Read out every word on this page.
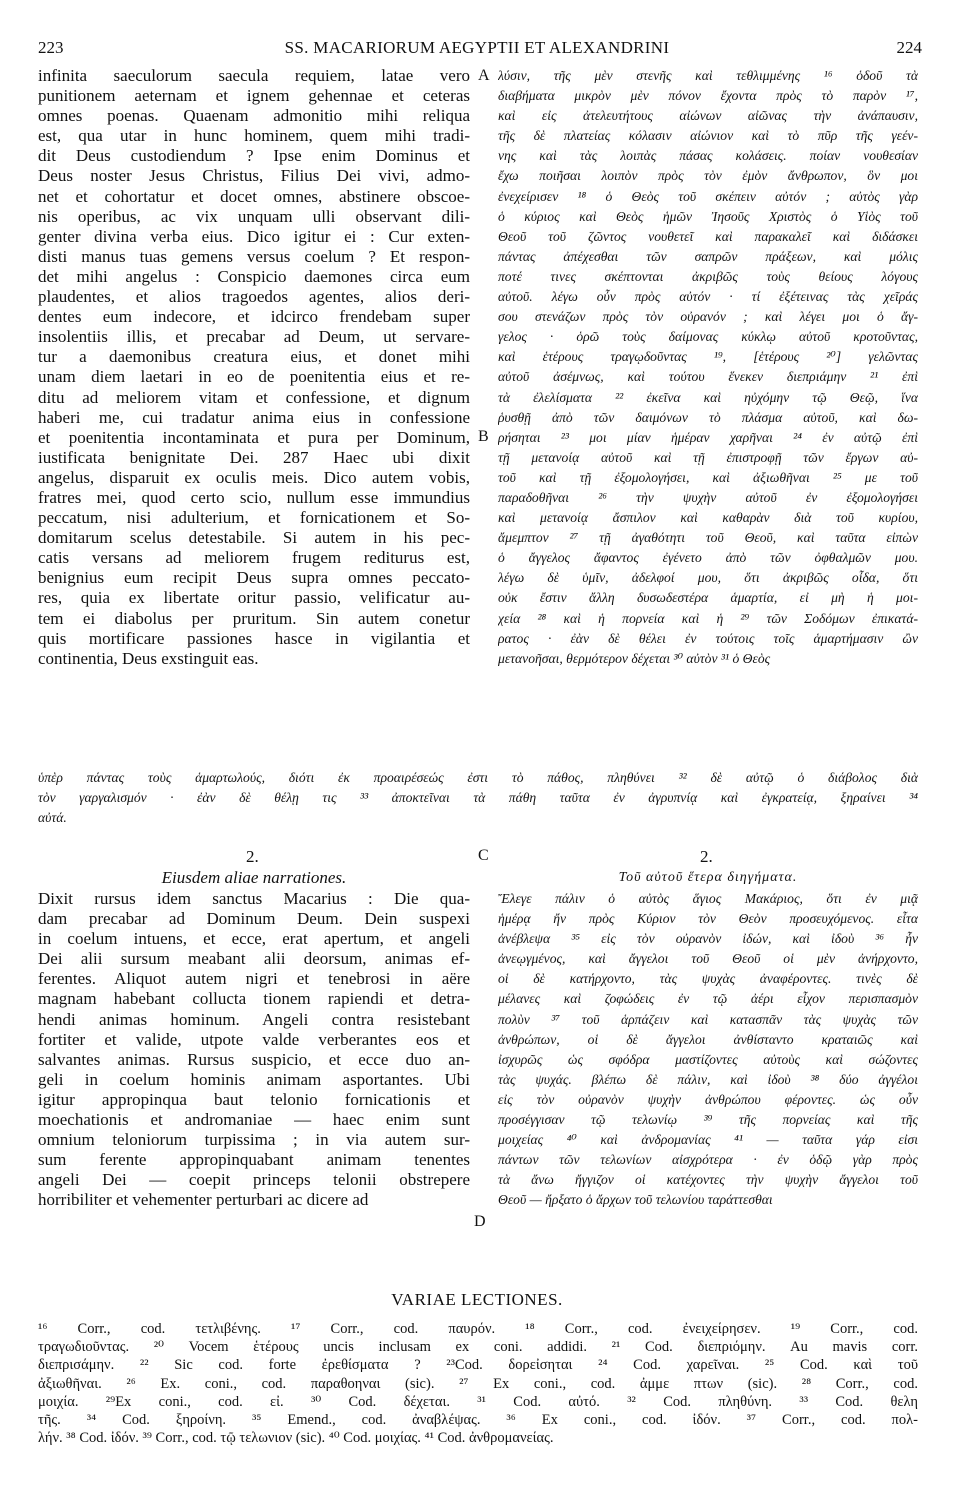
223	SS. MACARIORUM AEGYPTII ET ALEXANDRINI	224
infinita saeculorum saecula requiem, latae vero
punitionem aeternam et ignem gehennae et ceteras
omnes poenas. Quaenam admonitio mihi reliqua
est, qua utar in hunc hominem, quem mihi tradi-
dit Deus custodiendum ? Ipse enim Dominus et
Deus noster Jesus Christus, Filius Dei vivi, admo-
net et cohortatur et docet omnes, abstinere obscoe-
nis operibus, ac vix unquam ulli observant dili-
genter divina verba eius. Dico igitur ei : Cur exten-
disti manus tuas gemens versus coelum ? Et respon-
det mihi angelus : Conspicio daemones circa eum
plaudentes, et alios tragoedos agentes, alios deri-
dentes eum indecore, et idcirco frendebam super
insolentiis illis, et precabar ad Deum, ut servare-
tur a daemonibus creatura eius, et donet mihi
unam diem laetari in eo de poenitentia eius et re-
ditu ad meliorem vitam et confessione, et dignum
haberi me, cui tradatur anima eius in confessione
et poenitentia incontaminata et pura per Dominum,
iustificata benignitate Dei. 287 Haec ubi dixit
angelus, disparuit ex oculis meis. Dico autem vobis,
fratres mei, quod certo scio, nullum esse immundius
peccatum, nisi adulterium, et fornicationem et So-
domitarum scelus detestabile. Si autem in his pec-
catis versans ad meliorem frugem rediturus est,
benignius eum recipit Deus supra omnes peccato-
res, quia ex libertate oritur passio, velificatur au-
tem ei diabolus per pruritum. Sin autem conetur
quis mortificare passiones hasce in vigilantia et
continentia, Deus exstinguit eas.
λύσιν, τῆς μὲν στενῆς καὶ τεθλιμμένης ¹⁶ ὁδοῦ τὰ
διαβήματα μικρὸν μὲν πόνον ἔχοντα πρὸς τὸ παρὸν ¹⁷,
καὶ εἰς ἀτελευτήτους αἰώνων αἰῶνας τὴν ἀνάπαυσιν,
τῆς δὲ πλατείας κόλασιν αἰώνιον καὶ τὸ πῦρ τῆς γεέν-
νης καὶ τὰς λοιπὰς πάσας κολάσεις. ποίαν νουθεσίαν
ἔχω ποιῆσαι λοιπὸν πρὸς τὸν ἐμὸν ἄνθρωπον, ὃν μοι
ἐνεχείρισεν ¹⁸ ὁ Θεὸς τοῦ σκέπειν αὐτόν ; αὐτὸς γὰρ
ὁ κύριος καὶ Θεὸς ἡμῶν Ἰησοῦς Χριστὸς ὁ Υἱὸς τοῦ
Θεοῦ τοῦ ζῶντος νουθετεῖ καὶ παρακαλεῖ καὶ διδάσκει
πάντας ἀπέχεσθαι τῶν σαπρῶν πράξεων, καὶ μόλις
ποτέ τινες σκέπτονται ἀκριβῶς τοὺς θείους λόγους
αὐτοῦ. λέγω οὖν πρὸς αὐτόν · τί ἐξέτεινας τὰς χεῖράς
σου στενάζων πρὸς τὸν οὐρανόν ; καὶ λέγει μοι ὁ ἄγ-
γελος · ὁρῶ τοὺς δαίμονας κύκλῳ αὐτοῦ κροτοῦντας,
καὶ ἑτέρους τραγῳδοῦντας ¹⁹, [ἑτέρους ²⁰] γελῶντας
αὐτοῦ ἀσέμνως, καὶ τούτου ἕνεκεν διεπριάμην ²¹ ἐπὶ
τὰ ἐλελίσματα ²² ἐκεῖνα καὶ ηὐχόμην τῷ Θεῷ, ἵνα
ῥυσθῇ ἀπὸ τῶν δαιμόνων τὸ πλάσμα αὐτοῦ, καὶ δω-
ρήσηται ²³ μοι μίαν ἡμέραν χαρῆναι ²⁴ ἐν αὐτῷ ἐπὶ
τῇ μετανοίᾳ αὐτοῦ καὶ τῇ ἐπιστροφῇ τῶν ἔργων αὐ-
τοῦ καὶ τῇ ἐξομολογήσει, καὶ ἀξιωθῆναι ²⁵ με τοῦ
παραδοθῆναι ²⁶ τὴν ψυχὴν αὐτοῦ ἐν ἐξομολογήσει
καὶ μετανοίᾳ ἄσπιλον καὶ καθαρὰν διὰ τοῦ κυρίου,
ἄμεμπτον ²⁷ τῇ ἀγαθότητι τοῦ Θεοῦ, καὶ ταῦτα εἰπὼν
ὁ ἄγγελος ἄφαντος ἐγένετο ἀπὸ τῶν ὀφθαλμῶν μου.
λέγω δὲ ὑμῖν, ἀδελφοί μου, ὅτι ἀκριβῶς οἶδα, ὅτι
οὐκ ἔστιν ἄλλη δυσωδεστέρα ἁμαρτία, εἰ μὴ ἡ μοι-
χεία ²⁸ καὶ ἡ πορνεία καὶ ἡ ²⁹ τῶν Σοδόμων ἐπικατά-
ρατος · ἐὰν δὲ θέλει ἐν τούτοις τοῖς ἁμαρτήμασιν ὢν
μετανοῆσαι, θερμότερον δέχεται ³⁰ αὐτὸν ³¹ ὁ Θεὸς
A
B
C
D
ὑπὲρ πάντας τοὺς ἁμαρτωλούς, διότι ἐκ προαιρέσεώς ἐστι τὸ πάθος, πληθύνει ³² δὲ αὐτῷ ὁ διάβολος διὰ
τὸν γαργαλισμόν · ἐὰν δὲ θέλῃ τις ³³ ἀποκτεῖναι τὰ πάθη ταῦτα ἐν ἀγρυπνίᾳ καὶ ἐγκρατείᾳ, ξηραίνει ³⁴
αὐτά.
2.	2.
Eiusdem aliae narrationes.	Τοῦ αὐτοῦ ἕτερα διηγήματα.
Dixit rursus idem sanctus Macarius : Die qua-
dam precabar ad Dominum Deum. Dein suspexi
in coelum intuens, et ecce, erat apertum, et angeli
Dei alii sursum meabant alii deorsum, animas ef-
ferentes. Aliquot autem nigri et tenebrosi in aëre
magnam habebant collucta tionem rapiendi et detra-
hendi animas hominum. Angeli contra resistebant
fortiter et valide, utpote valde verberantes eos et
salvantes animas. Rursus suspicio, et ecce duo an-
geli in coelum hominis animam asportantes. Ubi
igitur appropinqua baut telonio fornicationis et
moechationis et andromaniae — haec enim sunt
omnium teloniorum turpissima ; in via autem sur-
sum ferente appropinquabant animam tenentes
angeli Dei — coepit princeps telonii obstrepere
horribiliter et vehementer perturbari ac dicere ad
Ἔλεγε πάλιν ὁ αὐτὸς ἅγιος Μακάριος, ὅτι ἐν μιᾷ
ἡμέρᾳ ἤν πρὸς Κύριον τὸν Θεὸν προσευχόμενος. εἶτα
ἀνέβλεψα ³⁵ εἰς τὸν οὐρανὸν ἰδών, καὶ ἰδοὺ ³⁶ ἦν
ἀνεῳγμένος, καὶ ἄγγελοι τοῦ Θεοῦ οἱ μὲν ἀνήρχοντο,
οἱ δὲ κατήρχοντο, τὰς ψυχὰς ἀναφέροντες. τινὲς δὲ
μέλανες καὶ ζοφώδεις ἐν τῷ ἀέρι εἶχον περισπασμὸν
πολὺν ³⁷ τοῦ ἁρπάζειν καὶ κατασπᾶν τὰς ψυχὰς τῶν
ἀνθρώπων, οἱ δὲ ἄγγελοι ἀνθίσταντο κραταιῶς καὶ
ἰσχυρῶς ὡς σφόδρα μαστίζοντες αὐτοὺς καὶ σώζοντες
τὰς ψυχάς. βλέπω δὲ πάλιν, καὶ ἰδοὺ ³⁸ δύο ἀγγέλοι
εἰς τὸν οὐρανὸν ψυχὴν ἀνθρώπου φέροντες. ὡς οὖν
προσέγγισαν τῷ τελωνίῳ ³⁹ τῆς πορνείας καὶ τῆς
μοιχείας ⁴⁰ καὶ ἀνδρομανίας ⁴¹ — ταῦτα γάρ εἰσι
πάντων τῶν τελωνίων αἰσχρότερα · ἐν ὁδῷ γὰρ πρὸς
τὰ ἄνω ἤγγιζον οἱ κατέχοντες τὴν ψυχὴν ἄγγελοι τοῦ
Θεοῦ — ἤρξατο ὁ ἄρχων τοῦ τελωνίου ταράττεσθαι
VARIAE LECTIONES.
¹⁶ Corr., cod. τετλιβένης. ¹⁷ Corr., cod. παυρόν. ¹⁸ Corr., cod. ἐνειχείρησεν. ¹⁹ Corr., cod.
τραγωδιοῦντας. ²⁰ Vocem ἑτέρους uncis inclusam ex coni. addidi. ²¹ Cod. διεπριόμην. Au mavis corr.
διεπρισάμην. ²² Sic cod. forte ἐρεθίσματα ? ²³Cod. δορεἰσηται ²⁴ Cod. χαρεῖναι. ²⁵ Cod. καὶ τοῦ
ἀξιωθῆναι. ²⁶ Ex. coni., cod. παραθοηναι (sic). ²⁷ Ex coni., cod. ἀμμε πτων (sic). ²⁸ Corr., cod.
μοιχία. ²⁹Ex coni., cod. εἰ. ³⁰ Cod. δέχεται. ³¹ Cod. αὐτό. ³² Cod. πληθύνη. ³³ Cod. θελη
τῆς. ³⁴ Cod. ξηροίνη. ³⁵ Emend., cod. ἀναβλέψας. ³⁶ Ex coni., cod. ἰδόν. ³⁷ Corr., cod. πολ-
λήν. ³⁸ Cod. ἰδόν. ³⁹ Corr., cod. τῷ τελωνιον (sic). ⁴⁰ Cod. μοιχίας. ⁴¹ Cod. ἀνθρομανείας.
